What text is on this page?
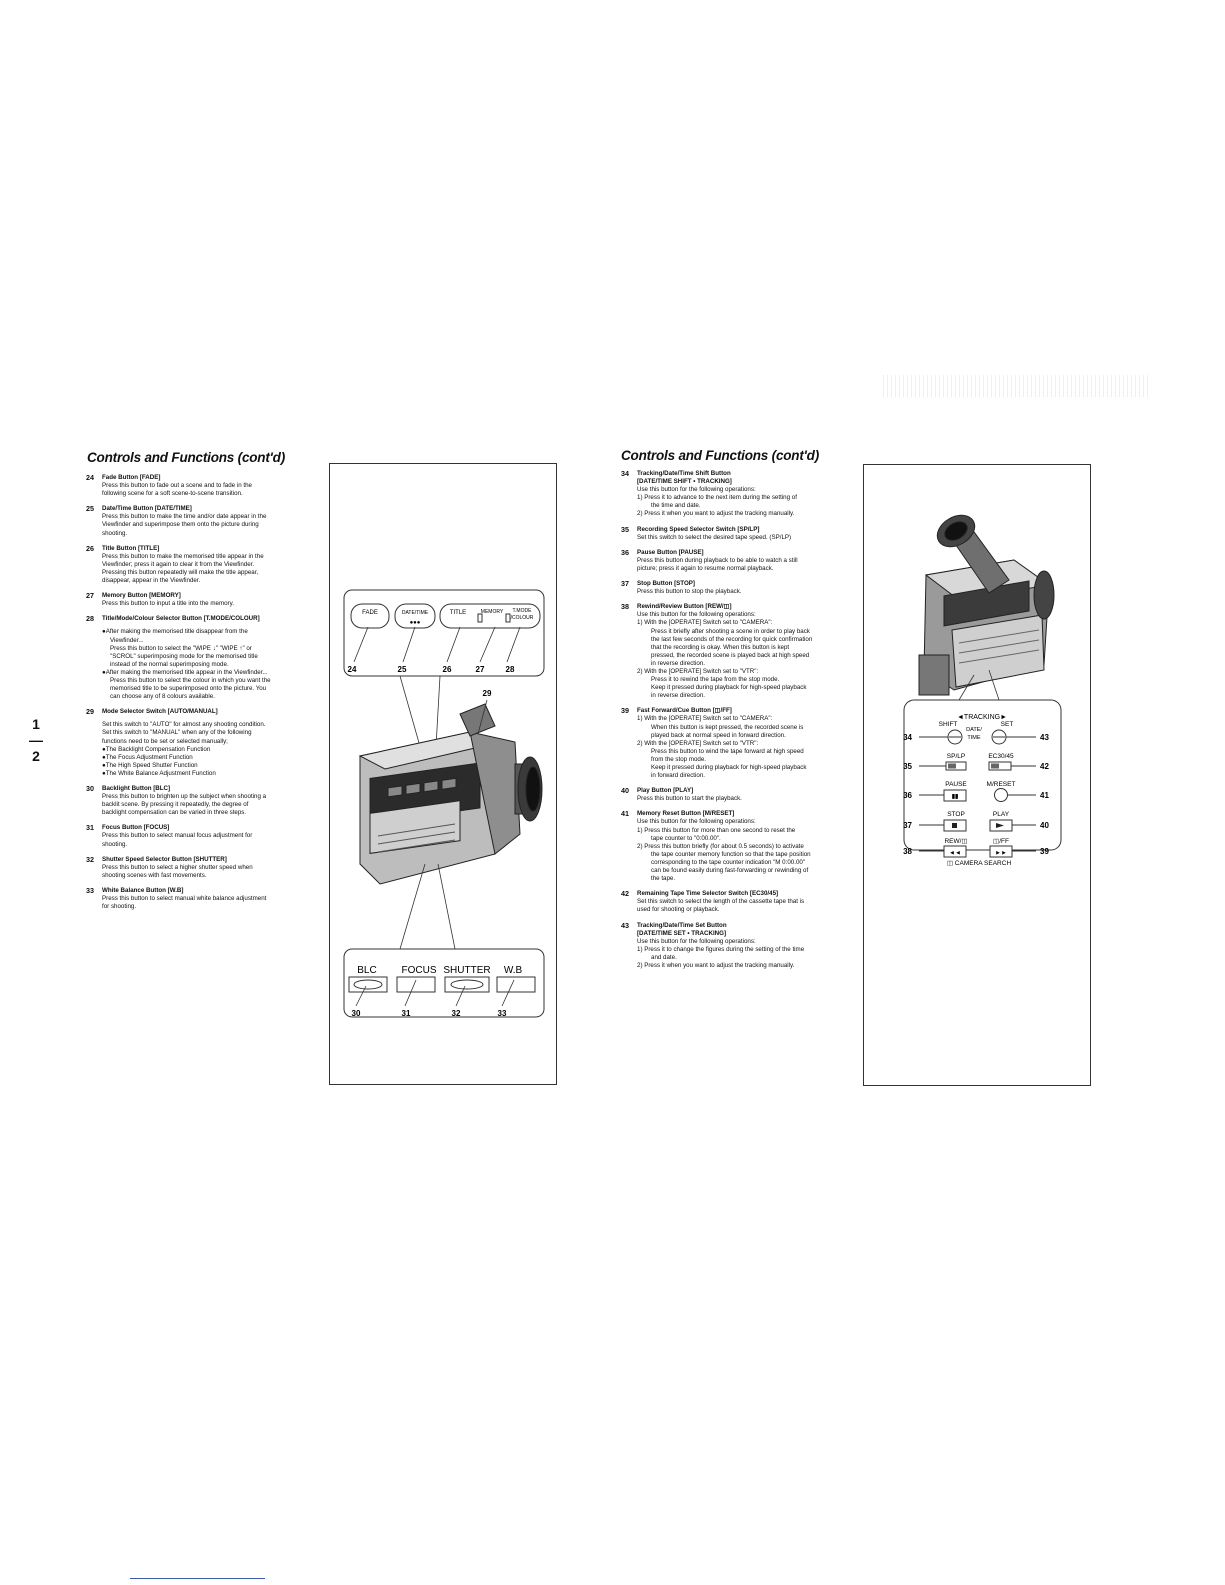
Controls and Functions (cont'd)	Controls and Functions (cont'd)
1—2
24 Fade Button [FADE]
Press this button to fade out a scene and to fade in the
following scene for a soft scene-to-scene transition.
25 Date/Time Button [DATE/TIME]
Press this button to make the time and/or date appear in the
Viewfinder and superimpose them onto the picture during
shooting.
26 Title Button [TITLE]
Press this button to make the memorised title appear in the
Viewfinder; press it again to clear it from the Viewfinder.
Pressing this button repeatedly will make the title appear,
disappear, appear in the Viewfinder.
27 Memory Button [MEMORY]
Press this button to input a title into the memory.
28 Title/Mode/Colour Selector Button [T.MODE/COLOUR]
●After making the memorised title disappear from the
Viewfinder...
Press this button to select the "WIPE ↓" "WIPE ↑" or
"SCROL" superimposing mode for the memorised title
instead of the normal superimposing mode.
●After making the memorised title appear in the Viewfinder...
Press this button to select the colour in which you want the
memorised title to be superimposed onto the picture. You
can choose any of 8 colours available.
29 Mode Selector Switch [AUTO/MANUAL]
Set this switch to "AUTO" for almost any shooting condition.
Set this switch to "MANUAL" when any of the following
functions need to be set or selected manually;
●The Backlight Compensation Function
●The Focus Adjustment Function
●The High Speed Shutter Function
●The White Balance Adjustment Function
30 Backlight Button [BLC]
Press this button to brighten up the subject when shooting a
backlit scene. By pressing it repeatedly, the degree of
backlight compensation can be varied in three steps.
31 Focus Button [FOCUS]
Press this button to select manual focus adjustment for
shooting.
32 Shutter Speed Selector Button [SHUTTER]
Press this button to select a higher shutter speed when
shooting scenes with fast movements.
33 White Balance Button [W.B]
Press this button to select manual white balance adjustment
for shooting.
34 Tracking/Date/Time Shift Button
[DATE/TIME SHIFT • TRACKING]
Use this button for the following operations:
1) Press it to advance to the next item during the setting of
the time and date.
2) Press it when you want to adjust the tracking manually.
35 Recording Speed Selector Switch [SP/LP]
Set this switch to select the desired tape speed. (SP/LP)
36 Pause Button [PAUSE]
Press this button during playback to be able to watch a still
picture; press it again to resume normal playback.
37 Stop Button [STOP]
Press this button to stop the playback.
38 Rewind/Review Button [REW/◫]
Use this button for the following operations:
1) With the [OPERATE] Switch set to "CAMERA":
Press it briefly after shooting a scene in order to play back
the last few seconds of the recording for quick confirmation
that the recording is okay. When this button is kept
pressed, the recorded scene is played back at high speed
in reverse direction.
2) With the [OPERATE] Switch set to "VTR":
Press it to rewind the tape from the stop mode.
Keep it pressed during playback for high-speed playback
in reverse direction.
39 Fast Forward/Cue Button [◫/FF]
1) With the [OPERATE] Switch set to "CAMERA":
When this button is kept pressed, the recorded scene is
played back at normal speed in forward direction.
2) With the [OPERATE] Switch set to "VTR":
Press this button to wind the tape forward at high speed
from the stop mode.
Keep it pressed during playback for high-speed playback
in forward direction.
40 Play Button [PLAY]
Press this button to start the playback.
41 Memory Reset Button [M/RESET]
Use this button for the following operations:
1) Press this button for more than one second to reset the
tape counter to "0:00.00".
2) Press this button briefly (for about 0.5 seconds) to activate
the tape counter memory function so that the tape position
corresponding to the tape counter indication "M 0:00.00"
can be found easily during fast-forwarding or rewinding of
the tape.
42 Remaining Tape Time Selector Switch [EC30/45]
Set this switch to select the length of the cassette tape that is
used for shooting or playback.
43 Tracking/Date/Time Set Button
[DATE/TIME SET • TRACKING]
Use this button for the following operations:
1) Press it to change the figures during the setting of the time
and date.
2) Press it when you want to adjust the tracking manually.
FADE	DATE/TIME
●●●
TITLE	MEMORY T.MODE
/COLOUR
24	25	26	27	28
29
BLC FOCUS SHUTTER W.B
30	31	32	33
◄TRACKING►
SHIFT	SET
DATE/
TIME
SP/LP	EC30/45
PAUSE	M/RESET
▮▮
STOP	PLAY
REW/◫	◫/FF
◫ CAMERA SEARCH
◄◄	►►
34
35
36
37
38
43
42
41
40
39
